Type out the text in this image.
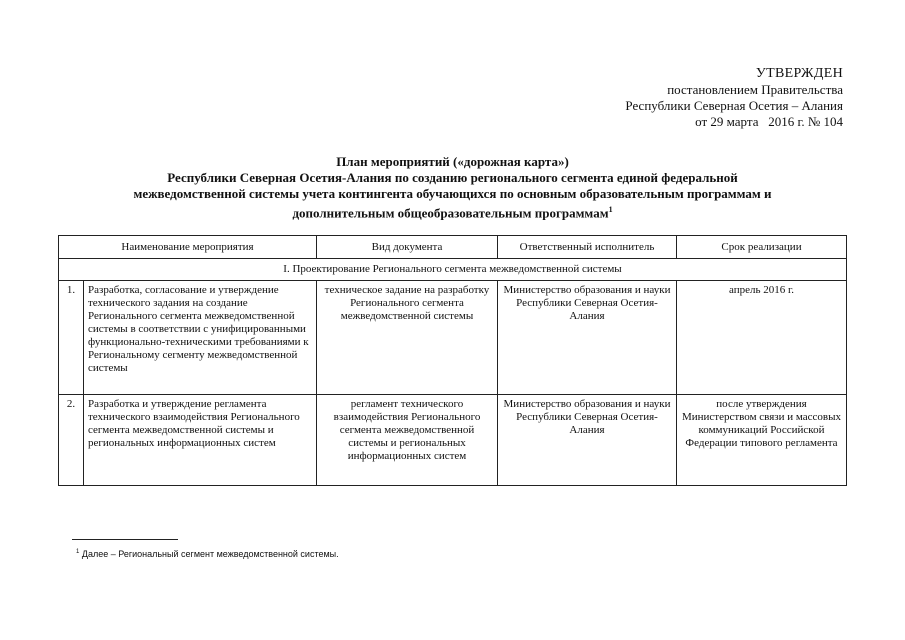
УТВЕРЖДЕН
постановлением Правительства
Республики Северная Осетия – Алания
от 29 марта   2016 г. № 104
План мероприятий («дорожная карта»)
Республики Северная Осетия-Алания по созданию регионального сегмента единой федеральной
межведомственной системы учета контингента обучающихся по основным образовательным программам и
дополнительным общеобразовательным программам$^1$
Наименование мероприятия		Вид документа	Ответственный исполнитель	Срок реализации
I. Проектирование Регионального сегмента межведомственной системы				
1.	Разработка, согласование и утверждение технического задания на создание Регионального сегмента межведомственной системы в соответствии с унифицированными функционально-техническими требованиями к Региональному сегменту межведомственной системы	техническое задание на разработку Регионального сегмента межведомственной системы	Министерство образования и науки Республики Северная Осетия-Алания	апрель 2016 г.
2.	Разработка и утверждение регламента технического взаимодействия Регионального сегмента межведомственной системы и региональных информационных систем	регламент технического взаимодействия Регионального сегмента межведомственной системы и региональных информационных систем	Министерство образования и науки Республики Северная Осетия-Алания	после утверждения Министерством связи и массовых коммуникаций Российской Федерации типового регламента
$^1$ Далее – Региональный сегмент межведомственной системы.
